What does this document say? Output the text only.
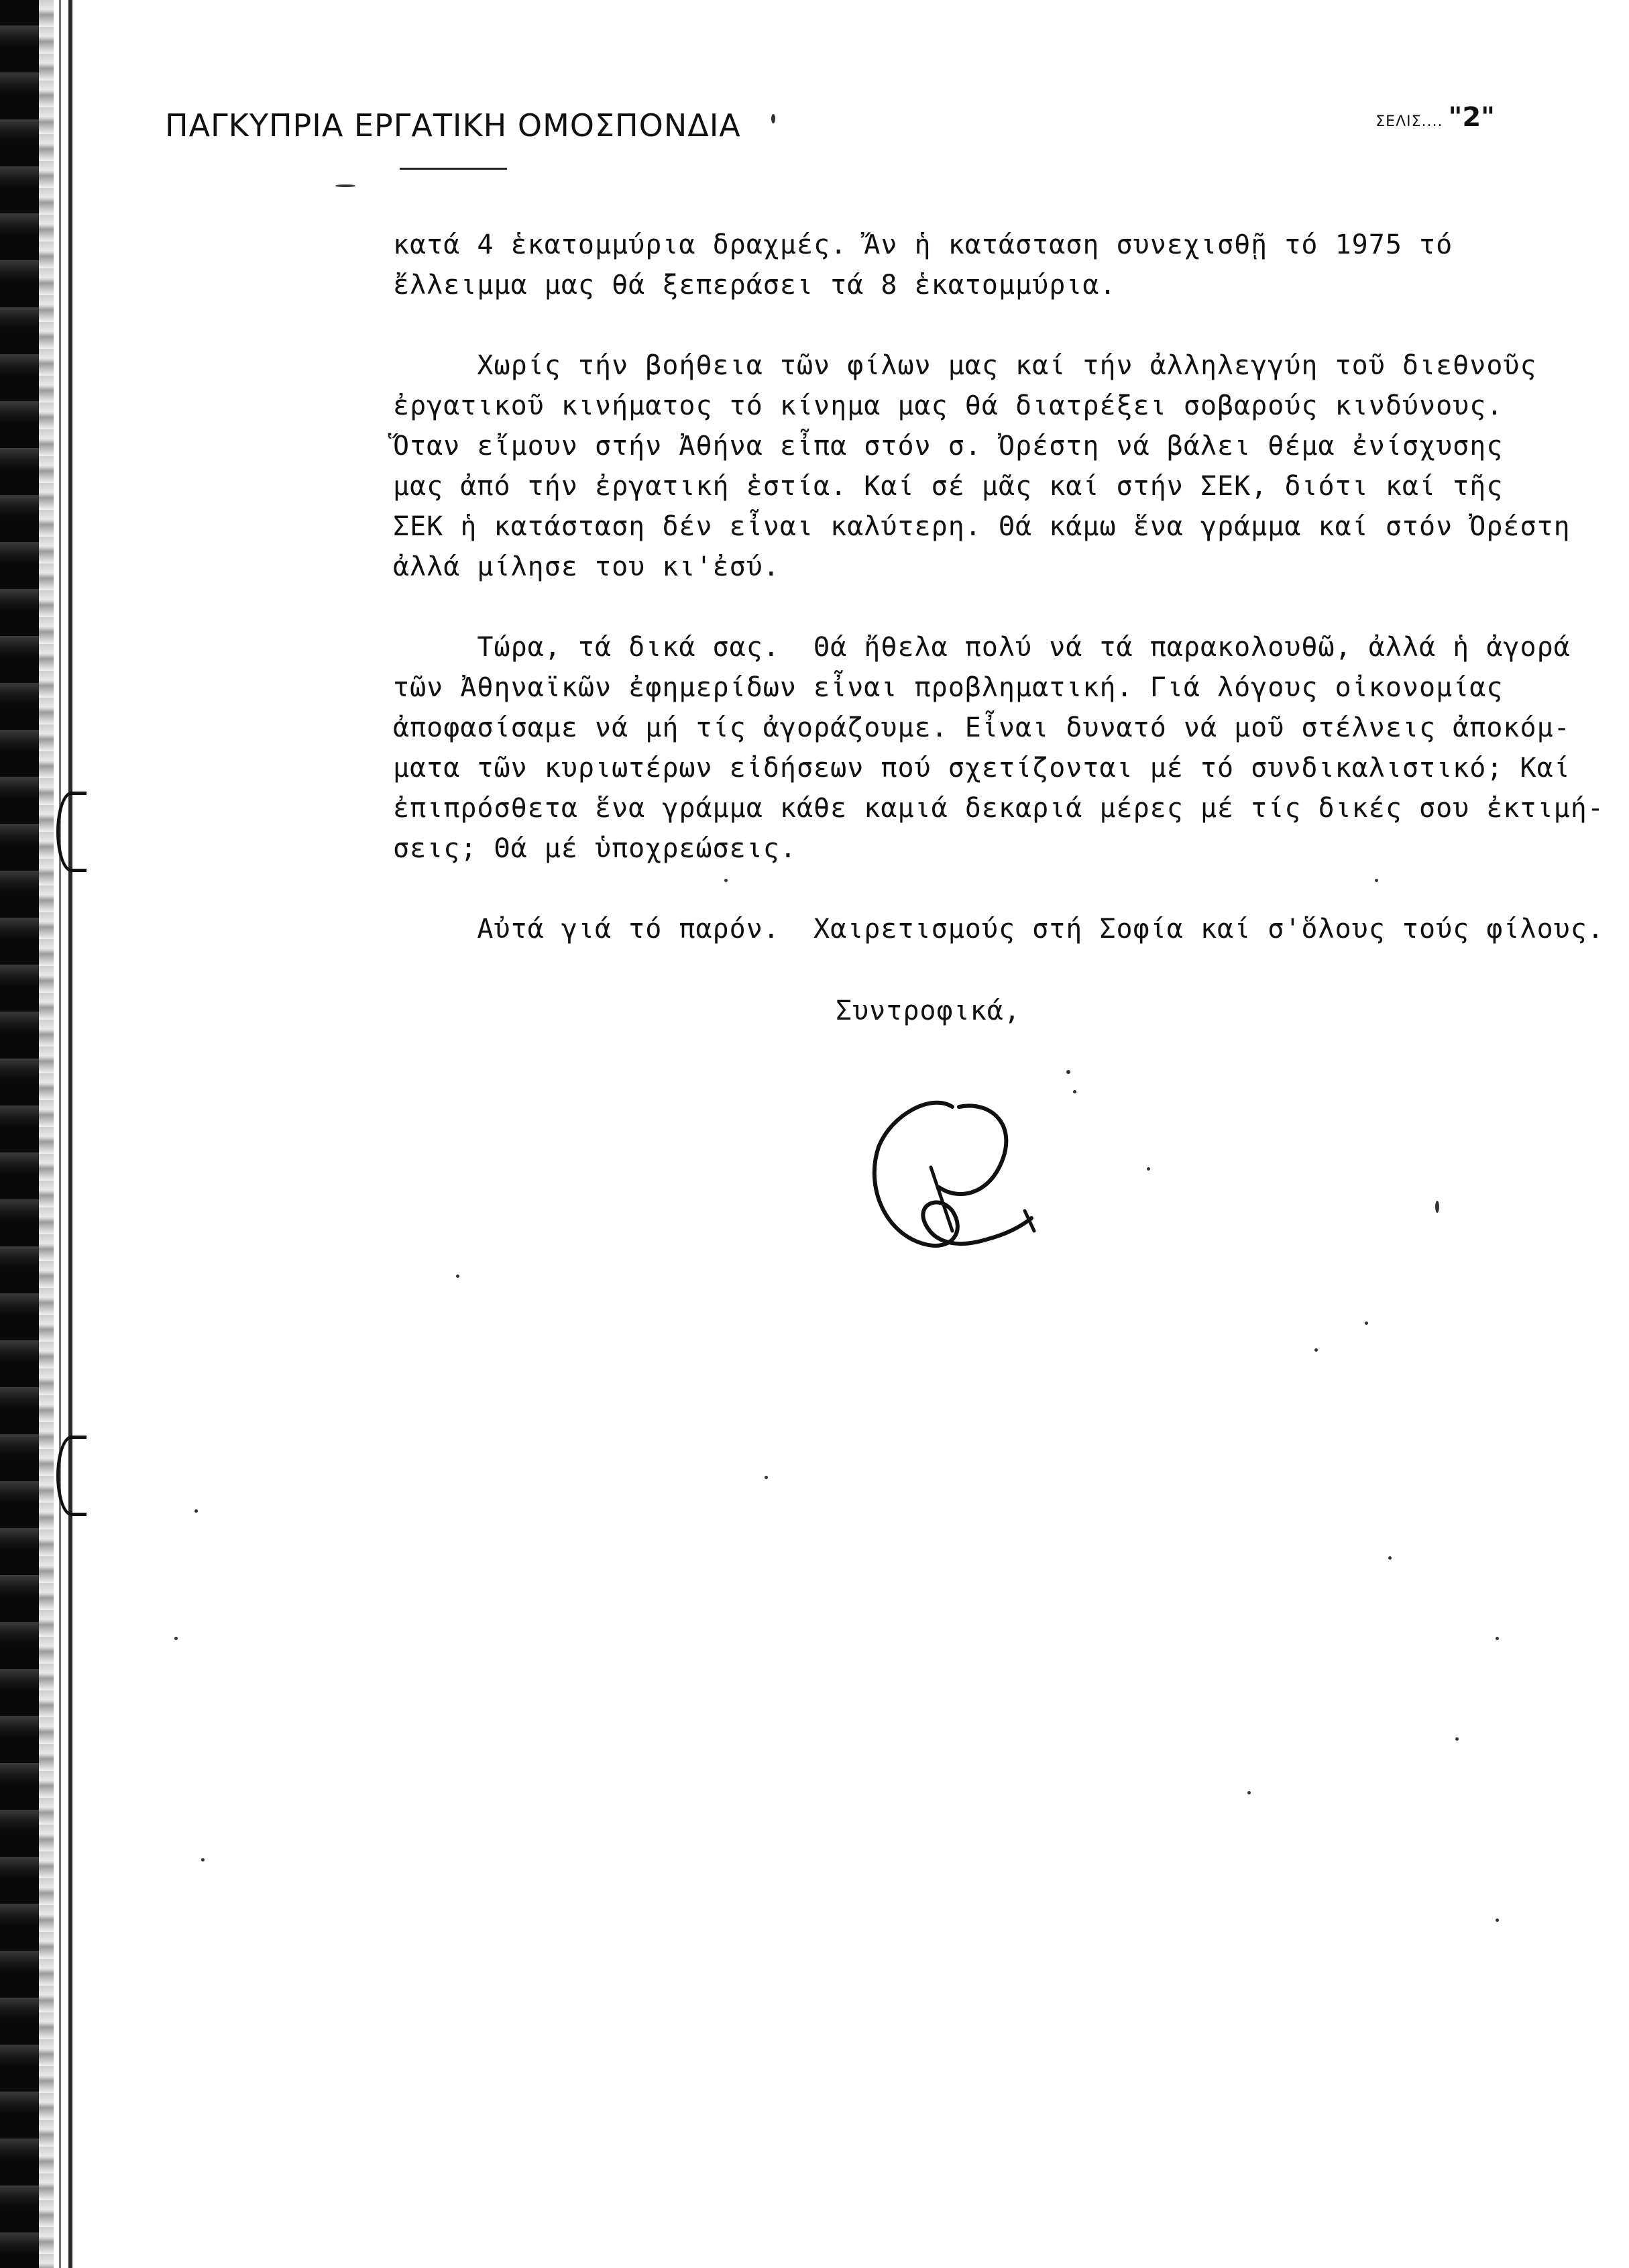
ΠΑΓΚΥΠΡΙΑ ΕΡΓΑΤΙΚΗ ΟΜΟΣΠΟΝΔΙΑ	ΣΕΛΙΣ.... "2"
κατά 4 ἑκατομμύρια δραχμές. Ἄν ἡ κατάσταση συνεχισθῇ τό 1975 τό
ἔλλειμμα μας θά ξεπεράσει τά 8 ἑκατομμύρια.
Χωρίς τήν βοήθεια τῶν φίλων μας καί τήν ἀλληλεγγύη τοῦ διεθνοῦς
ἐργατικοῦ κινήματος τό κίνημα μας θά διατρέξει σοβαρούς κινδύνους.
Ὅταν εἴμουν στήν Ἀθήνα εἶπα στόν σ. Ὀρέστη νά βάλει θέμα ἐνίσχυσης
μας ἀπό τήν ἐργατική ἑστία. Καί σέ μᾶς καί στήν ΣΕΚ, διότι καί τῆς
ΣΕΚ ἡ κατάσταση δέν εἶναι καλύτερη. Θά κάμω ἕνα γράμμα καί στόν Ὀρέστη
ἀλλά μίλησε του κι'ἐσύ.
Τώρα, τά δικά σας.  Θά ἤθελα πολύ νά τά παρακολουθῶ, ἀλλά ἡ ἀγορά
τῶν Ἀθηναϊκῶν ἐφημερίδων εἶναι προβληματική. Γιά λόγους οἰκονομίας
ἀποφασίσαμε νά μή τίς ἀγοράζουμε. Εἶναι δυνατό νά μοῦ στέλνεις ἀποκόμ-
ματα τῶν κυριωτέρων εἰδήσεων πού σχετίζονται μέ τό συνδικαλιστικό; Καί
ἐπιπρόσθετα ἕνα γράμμα κάθε καμιά δεκαριά μέρες μέ τίς δικές σου ἐκτιμή-
σεις; Θά μέ ὑποχρεώσεις.
Αὐτά γιά τό παρόν.  Χαιρετισμούς στή Σοφία καί σ'ὅλους τούς φίλους.
Συντροφικά,
